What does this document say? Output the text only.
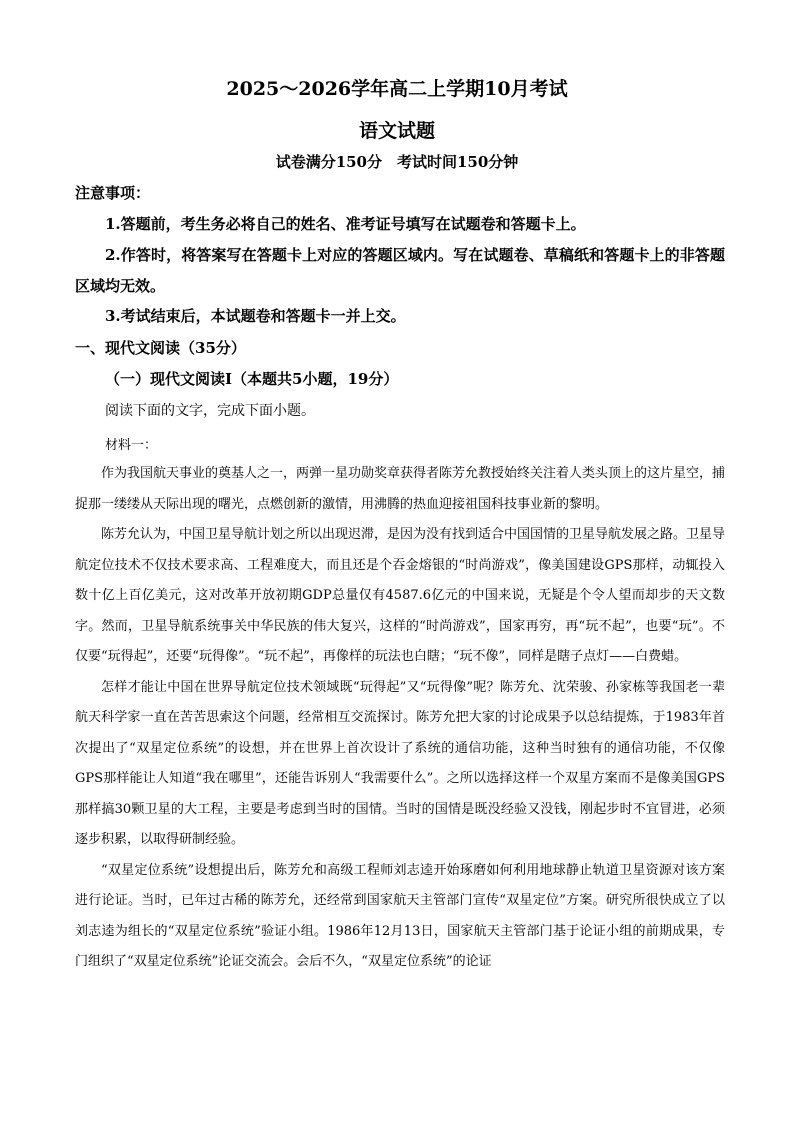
2025～2026学年高二上学期10月考试
语文试题
试卷满分150分　考试时间150分钟
注意事项：
1.答题前，考生务必将自己的姓名、准考证号填写在试题卷和答题卡上。
2.作答时，将答案写在答题卡上对应的答题区域内。写在试题卷、草稿纸和答题卡上的非答题区域均无效。
3.考试结束后，本试题卷和答题卡一并上交。
一、现代文阅读（35分）
（一）现代文阅读Ⅰ（本题共5小题，19分）
阅读下面的文字，完成下面小题。
材料一：

作为我国航天事业的奠基人之一，两弹一星功勋奖章获得者陈芳允教授始终关注着人类头顶上的这片星空，捕捉那一缕缕从天际出现的曙光，点燃创新的激情，用沸腾的热血迎接祖国科技事业新的黎明。

陈芳允认为，中国卫星导航计划之所以出现迟滞，是因为没有找到适合中国国情的卫星导航发展之路。卫星导航定位技术不仅技术要求高、工程难度大，而且还是个吞金熔银的“时尚游戏”，像美国建设GPS那样，动辄投入数十亿上百亿美元，这对改革开放初期GDP总量仅有4587.6亿元的中国来说，无疑是个令人望而却步的天文数字。然而，卫星导航系统事关中华民族的伟大复兴，这样的“时尚游戏”，国家再穷，再“玩不起”，也要“玩”。不仅要“玩得起”，还要“玩得像”。“玩不起”，再像样的玩法也白瞎；“玩不像”，同样是瞎子点灯——白费蜡。

怎样才能让中国在世界导航定位技术领域既“玩得起”又“玩得像”呢？陈芳允、沈荣骏、孙家栋等我国老一辈航天科学家一直在苦苦思索这个问题，经常相互交流探讨。陈芳允把大家的讨论成果予以总结提炼，于1983年首次提出了“双星定位系统”的设想，并在世界上首次设计了系统的通信功能，这种当时独有的通信功能，不仅像GPS那样能让人知道“我在哪里”，还能告诉别人“我需要什么”。之所以选择这样一个双星方案而不是像美国GPS那样搞30颗卫星的大工程，主要是考虑到当时的国情。当时的国情是既没经验又没钱，刚起步时不宜冒进，必须逐步积累，以取得研制经验。

“双星定位系统”设想提出后，陈芳允和高级工程师刘志逵开始琢磨如何利用地球静止轨道卫星资源对该方案进行论证。当时，已年过古稀的陈芳允，还经常到国家航天主管部门宣传“双星定位”方案。研究所很快成立了以刘志逵为组长的“双星定位系统”验证小组。1986年12月13日，国家航天主管部门基于论证小组的前期成果，专门组织了“双星定位系统”论证交流会。会后不久，“双星定位系统”的论证
